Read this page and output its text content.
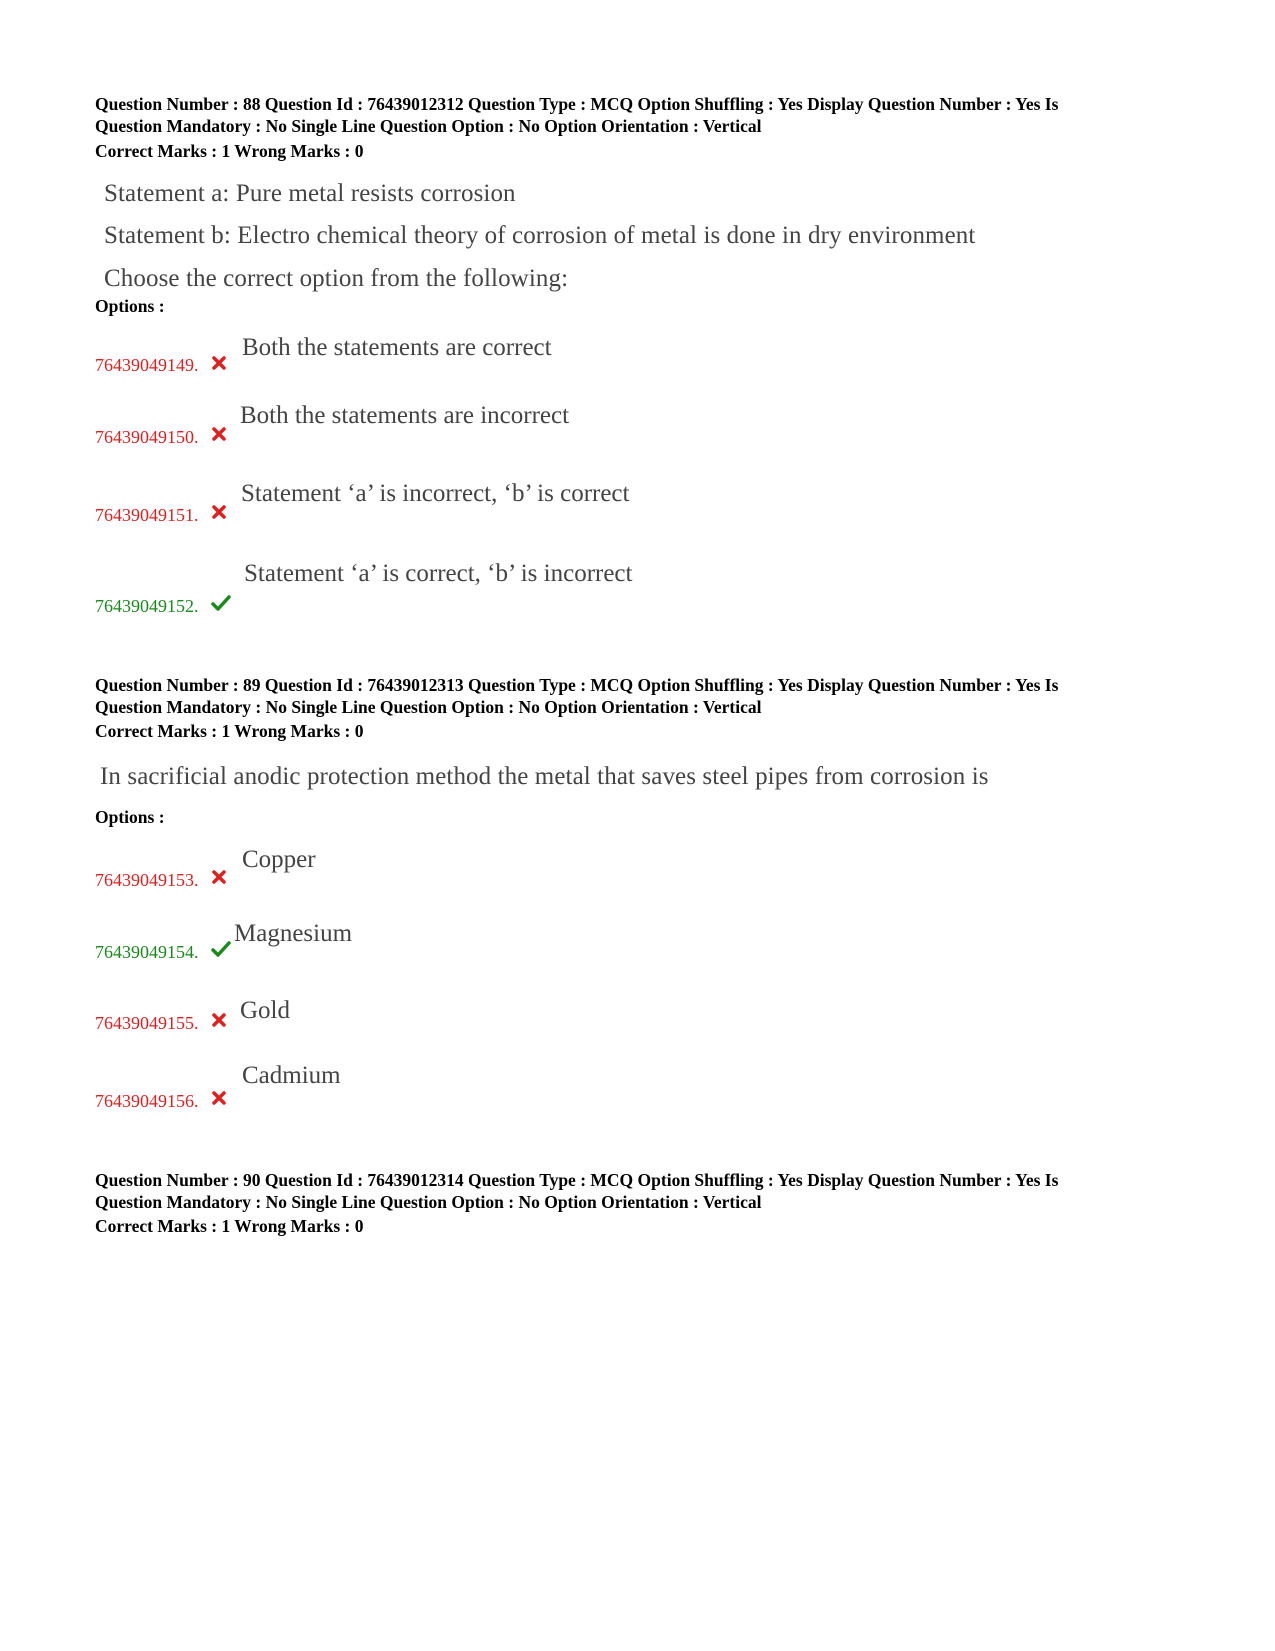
Question Number : 88 Question Id : 76439012312 Question Type : MCQ Option Shuffling : Yes Display Question Number : Yes Is
Question Mandatory : No Single Line Question Option : No Option Orientation : Vertical
Correct Marks : 1 Wrong Marks : 0
Statement a: Pure metal resists corrosion
Statement b: Electro chemical theory of corrosion of metal is done in dry environment
Choose the correct option from the following:
Options :
76439049149.
Both the statements are correct
76439049150.
Both the statements are incorrect
76439049151.
Statement ‘a’ is incorrect, ‘b’ is correct
76439049152.
Statement ‘a’ is correct, ‘b’ is incorrect
Question Number : 89 Question Id : 76439012313 Question Type : MCQ Option Shuffling : Yes Display Question Number : Yes Is
Question Mandatory : No Single Line Question Option : No Option Orientation : Vertical
Correct Marks : 1 Wrong Marks : 0
In sacrificial anodic protection method the metal that saves steel pipes from corrosion is
Options :
76439049153.
Copper
76439049154.
Magnesium
76439049155. Gold
76439049156.
Cadmium
Question Number : 90 Question Id : 76439012314 Question Type : MCQ Option Shuffling : Yes Display Question Number : Yes Is
Question Mandatory : No Single Line Question Option : No Option Orientation : Vertical
Correct Marks : 1 Wrong Marks : 0
